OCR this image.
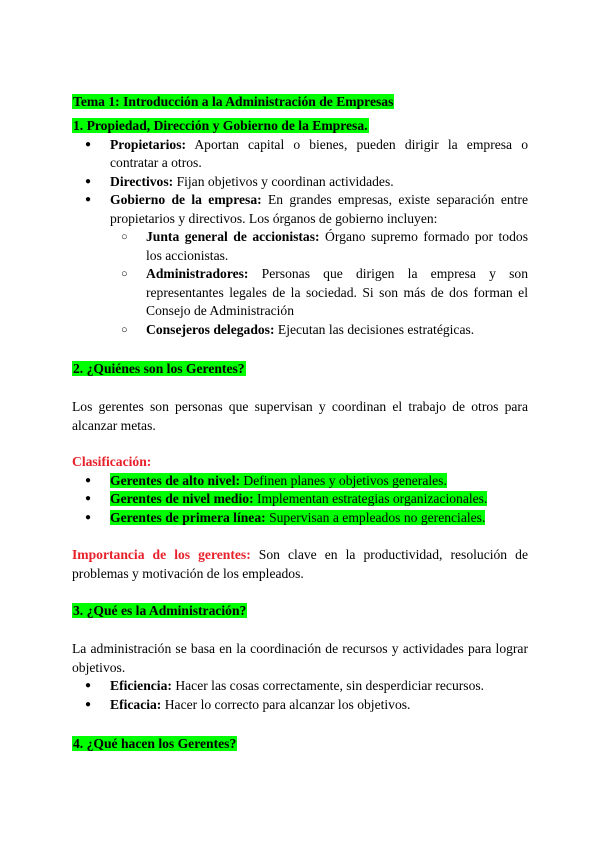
Tema 1: Introducción a la Administración de Empresas

1. Propiedad, Dirección y Gobierno de la Empresa.

● Propietarios: Aportan capital o bienes, pueden dirigir la empresa o contratar a otros.
● Directivos: Fijan objetivos y coordinan actividades.
● Gobierno de la empresa: En grandes empresas, existe separación entre propietarios y directivos. Los órganos de gobierno incluyen:
○ Junta general de accionistas: Órgano supremo formado por todos los accionistas.
○ Administradores: Personas que dirigen la empresa y son representantes legales de la sociedad. Si son más de dos forman el Consejo de Administración
○ Consejeros delegados: Ejecutan las decisiones estratégicas.
2. ¿Quiénes son los Gerentes?
Los gerentes son personas que supervisan y coordinan el trabajo de otros para alcanzar metas.

Clasificación:

● Gerentes de alto nivel: Definen planes y objetivos generales.
● Gerentes de nivel medio: Implementan estrategias organizacionales.
● Gerentes de primera línea: Supervisan a empleados no gerenciales.
Importancia de los gerentes: Son clave en la productividad, resolución de problemas y motivación de los empleados.
3. ¿Qué es la Administración?

La administración se basa en la coordinación de recursos y actividades para lograr objetivos.

● Eficiencia: Hacer las cosas correctamente, sin desperdiciar recursos.
● Eficacia: Hacer lo correcto para alcanzar los objetivos.
4. ¿Qué hacen los Gerentes?
